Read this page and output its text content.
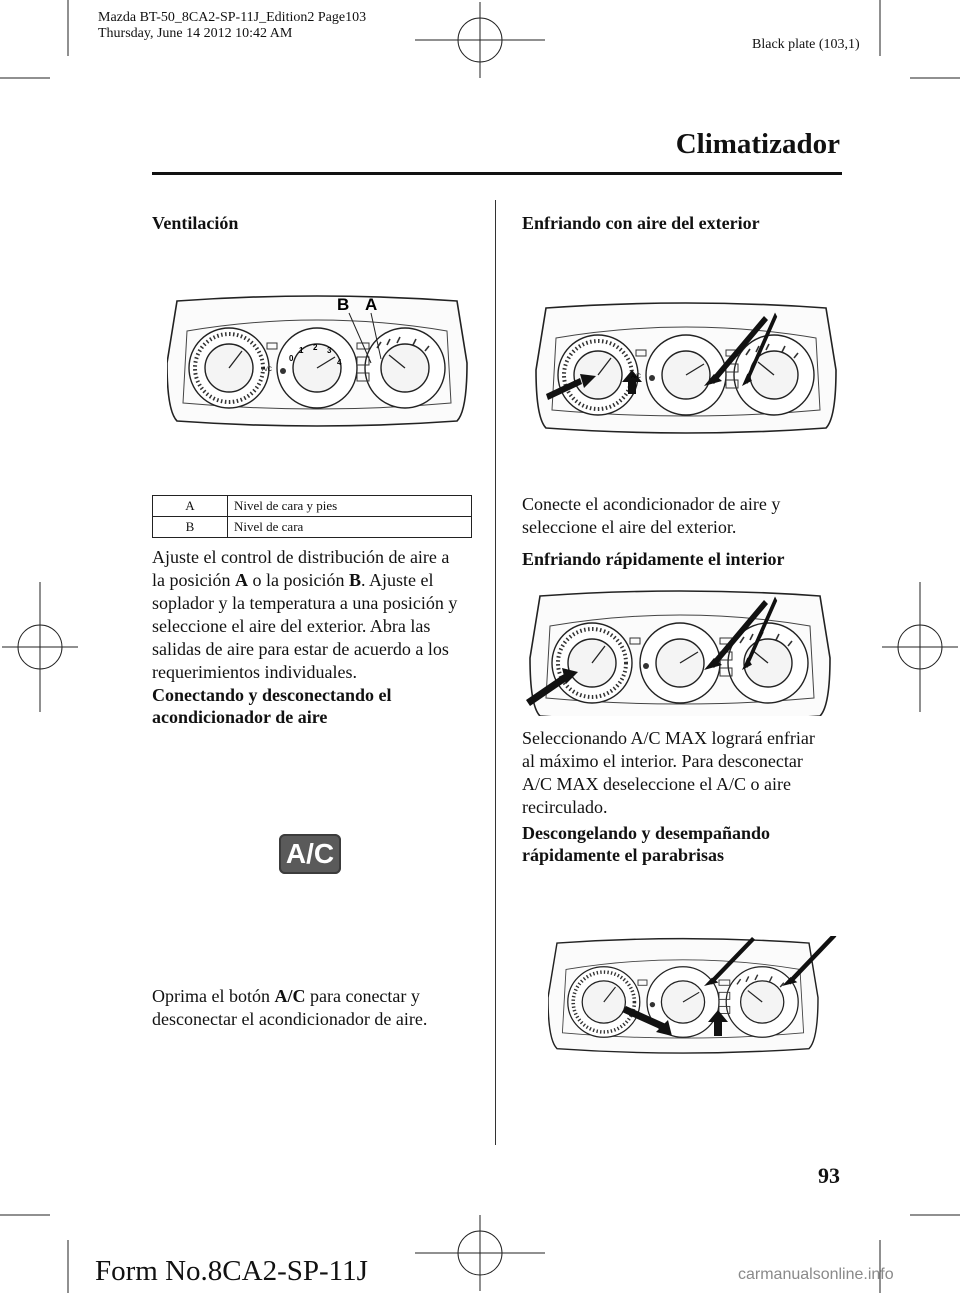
Mazda BT-50_8CA2-SP-11J_Edition2 Page103
Thursday, June 14 2012 10:42 AM
Black plate (103,1)
Climatizador
Ventilación
B A
A/C
0
1 2 3
4
A	Nivel de cara y pies
B	Nivel de cara
Ajuste el control de distribución de aire a
la posición A o la posición B. Ajuste el
soplador y la temperatura a una posición y
seleccione el aire del exterior. Abra las
salidas de aire para estar de acuerdo a los
requerimientos individuales.
Conectando y desconectando el
acondicionador de aire
A/C
Oprima el botón A/C para conectar y
desconectar el acondicionador de aire.
Enfriando con aire del exterior
A/C
Conecte el acondicionador de aire y
seleccione el aire del exterior.
Enfriando rápidamente el interior
Seleccionando A/C MAX logrará enfriar
al máximo el interior. Para desconectar
A/C MAX deseleccione el A/C o aire
recirculado.
Descongelando y desempañando
rápidamente el parabrisas
93
Form No.8CA2-SP-11J	carmanualsonline.info
